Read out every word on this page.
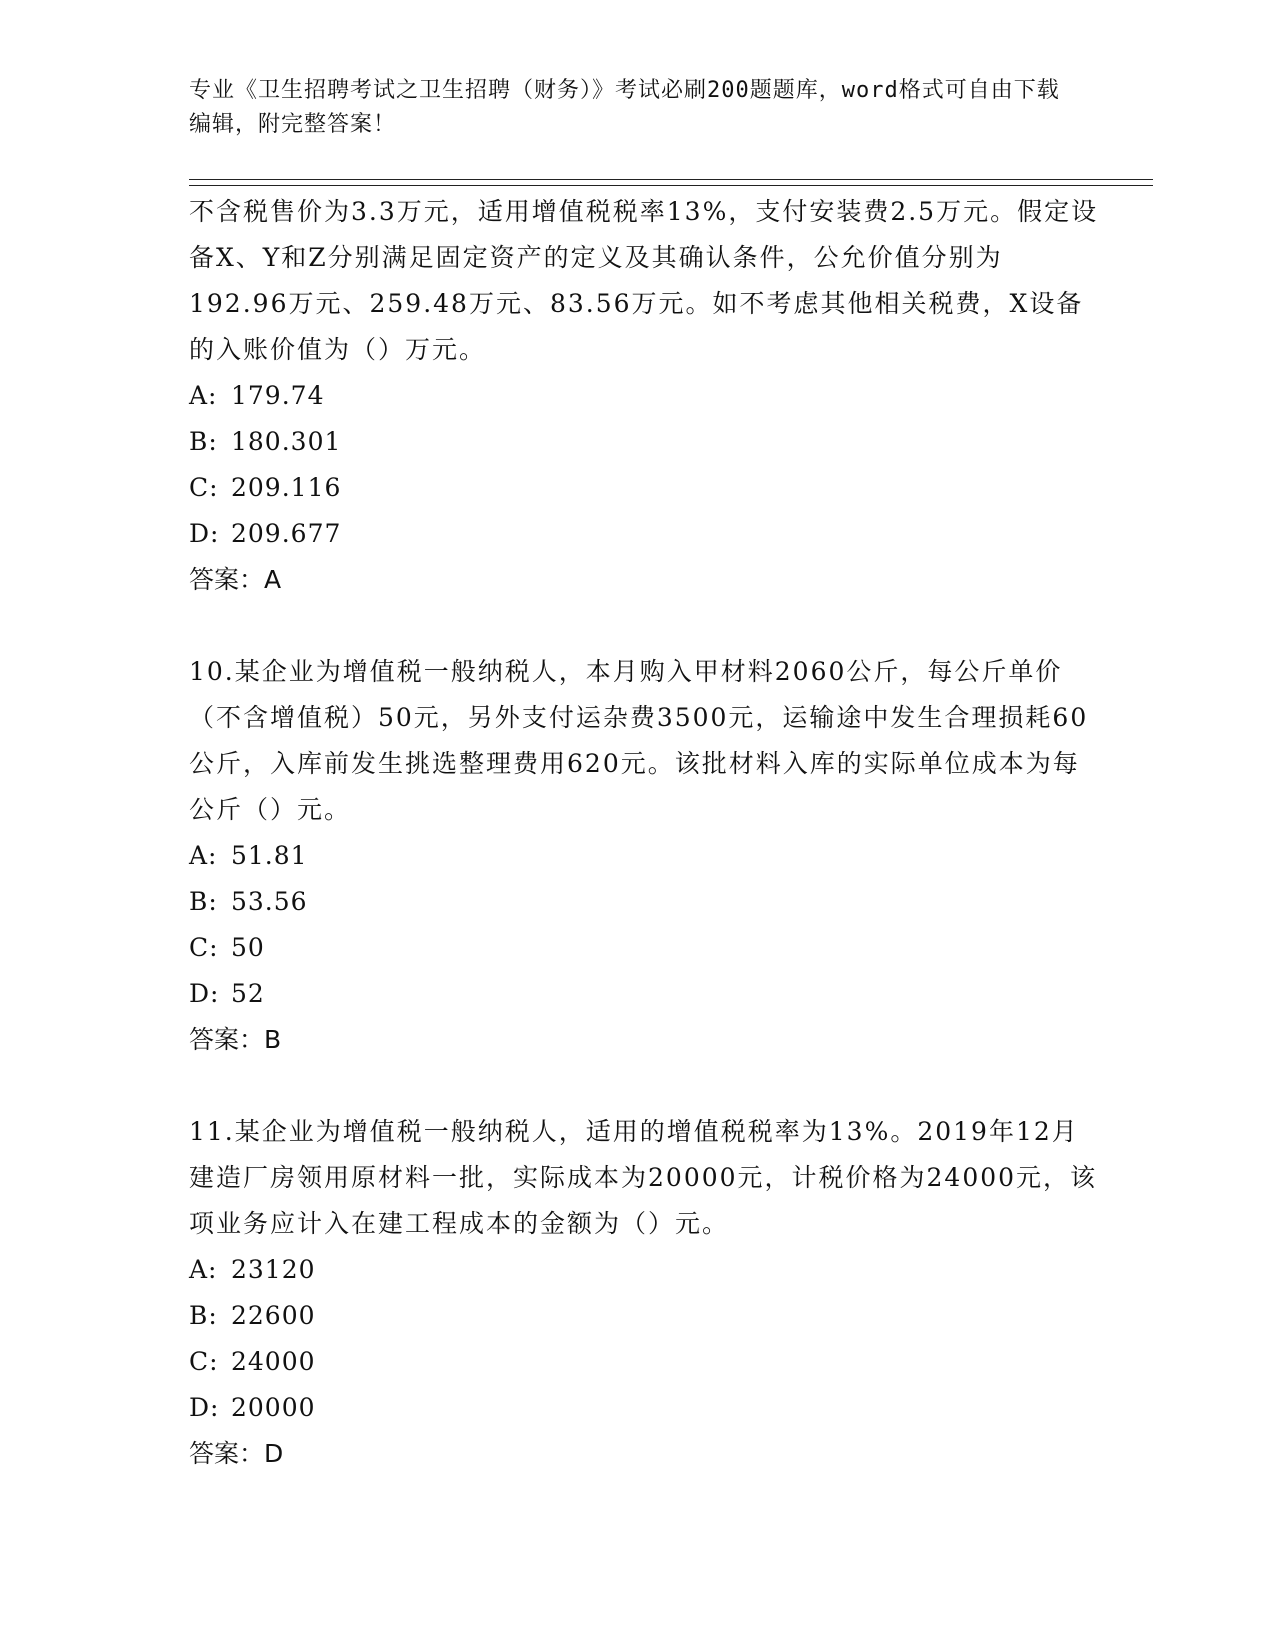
专业《卫生招聘考试之卫生招聘（财务）》考试必刷200题题库，word格式可自由下载编辑，附完整答案！

不含税售价为3.3万元，适用增值税税率13%，支付安装费2.5万元。假定设备X、Y和Z分别满足固定资产的定义及其确认条件，公允价值分别为192.96万元、259.48万元、83.56万元。如不考虑其他相关税费，X设备的入账价值为（）万元。

A: 179.74

B: 180.301

C: 209.116

D: 209.677

答案：A

10.某企业为增值税一般纳税人，本月购入甲材料2060公斤，每公斤单价（不含增值税）50元，另外支付运杂费3500元，运输途中发生合理损耗60公斤，入库前发生挑选整理费用620元。该批材料入库的实际单位成本为每公斤（）元。

A: 51.81

B: 53.56

C: 50

D: 52

答案：B

11.某企业为增值税一般纳税人，适用的增值税税率为13%。2019年12月建造厂房领用原材料一批，实际成本为20000元，计税价格为24000元，该项业务应计入在建工程成本的金额为（）元。

A: 23120

B: 22600

C: 24000

D: 20000

答案：D
